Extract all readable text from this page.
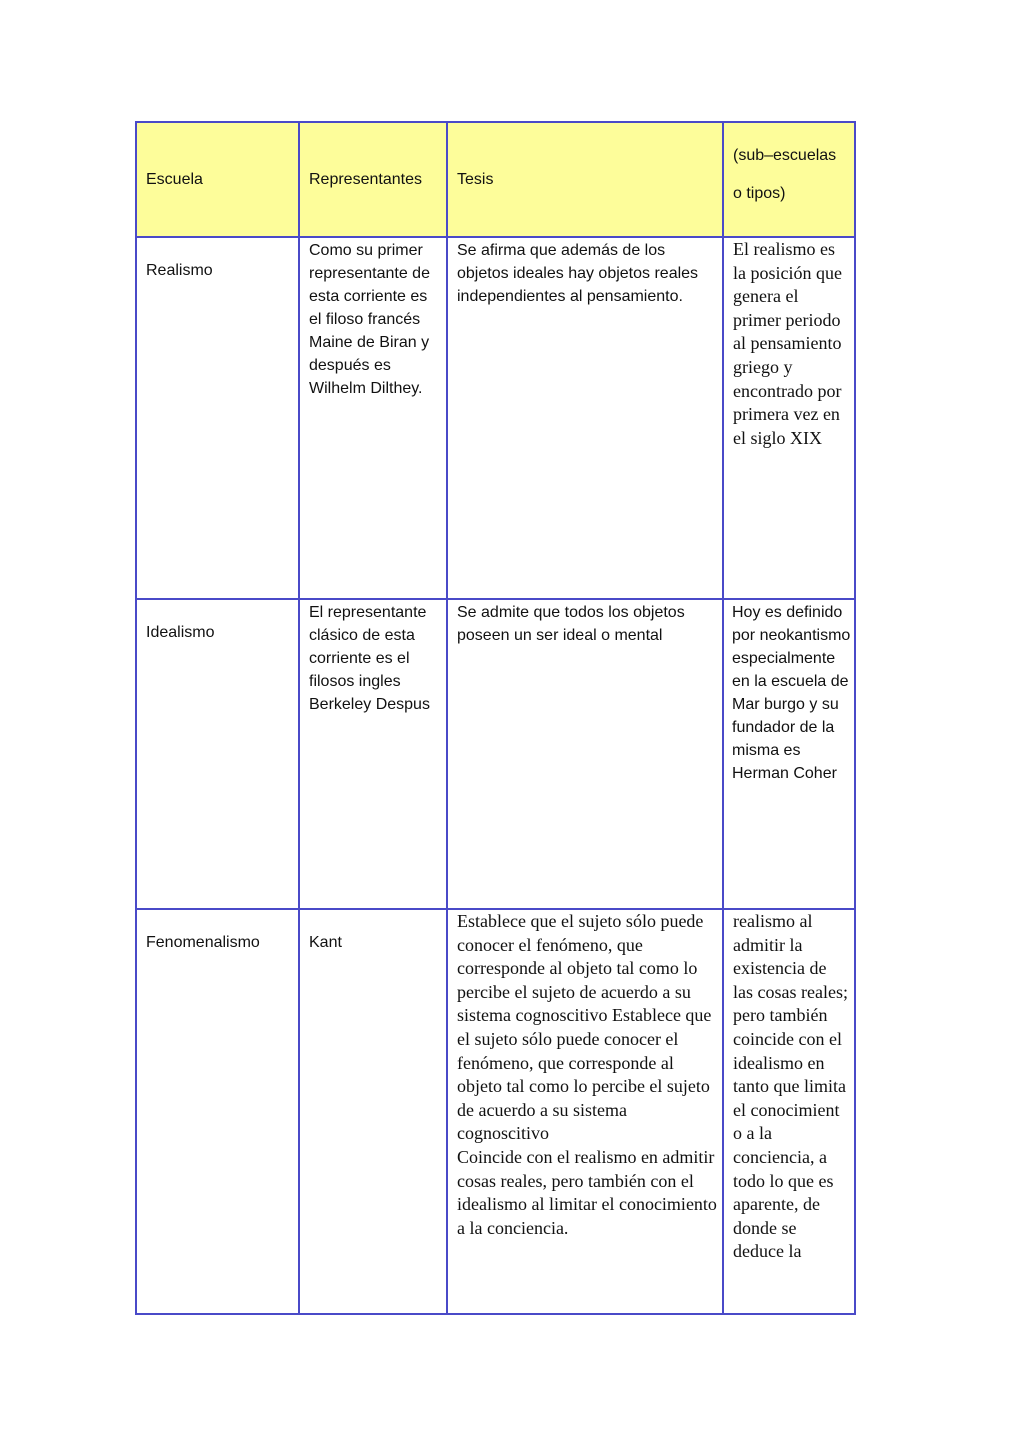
Escuela	Representantes	Tesis	(sub–escuelas
o tipos)

Realismo	Como su primer representante de esta corriente es el filoso francés Maine de Biran y después es Wilhelm Dilthey.	Se afirma que además de los objetos ideales hay objetos reales independientes al pensamiento.	El realismo es la posición que genera el primer periodo al pensamiento griego y encontrado por primera vez en el siglo XIX

Idealismo	El representante clásico de esta corriente es el filosos ingles Berkeley Despus	Se admite que todos los objetos poseen un ser ideal o mental	Hoy es definido por neokantismo especialmente en la escuela de Mar burgo y su fundador de la misma es Herman Coher

Fenomenalismo	Kant	Establece que el sujeto sólo puede conocer el fenómeno, que corresponde al objeto tal como lo percibe el sujeto de acuerdo a su sistema cognoscitivo Establece que el sujeto sólo puede conocer el fenómeno, que corresponde al objeto tal como lo percibe el sujeto de acuerdo a su sistema cognoscitivo
Coincide con el realismo en admitir cosas reales, pero también con el idealismo al limitar el conocimiento a la conciencia.	realismo al admitir la existencia de las cosas reales; pero también coincide con el idealismo en tanto que limita el conocimient o a la conciencia, a todo lo que es aparente, de donde se deduce la
